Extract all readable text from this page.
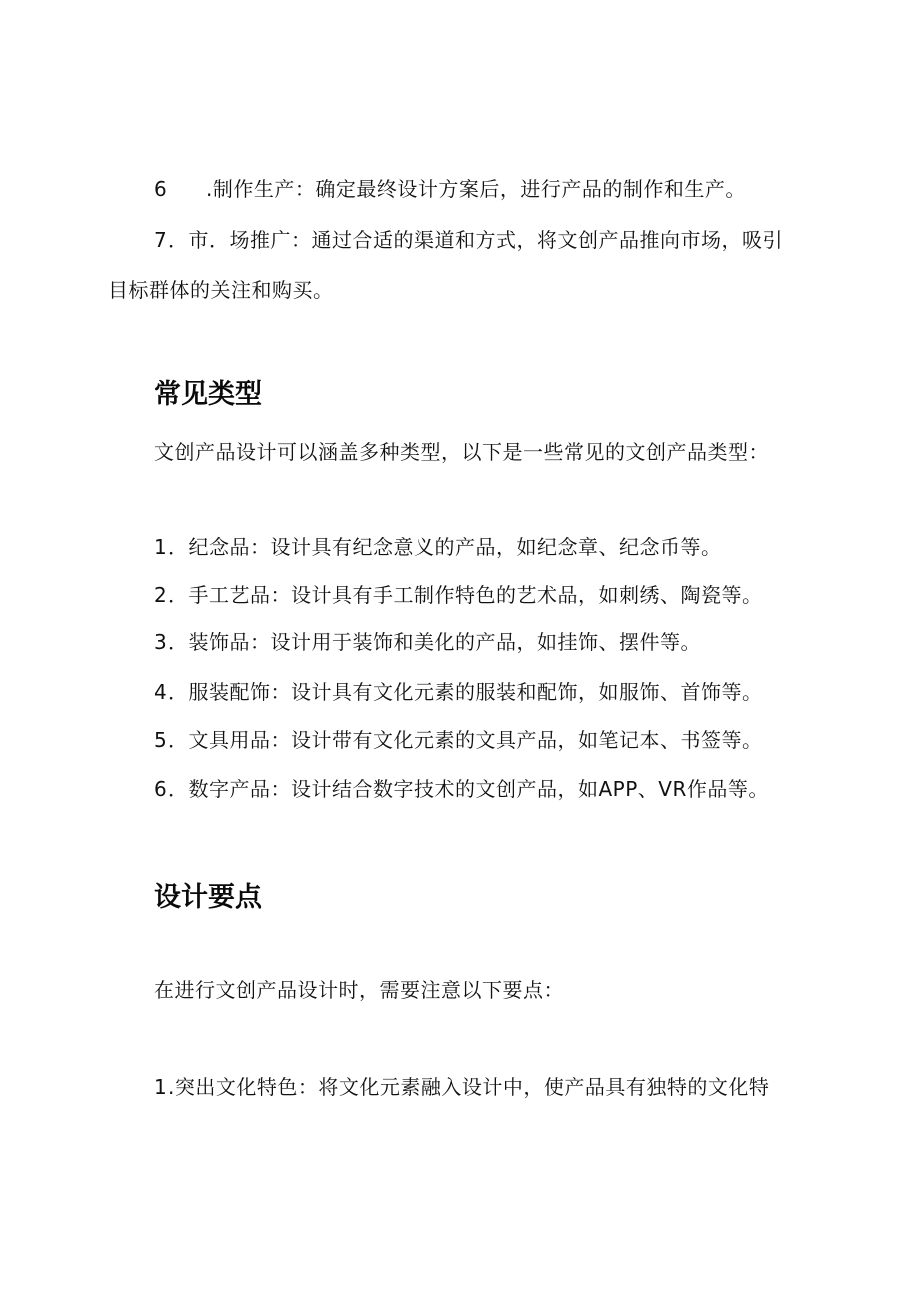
6 .制作生产：确定最终设计方案后，进行产品的制作和生产。
7．市．场推广：通过合适的渠道和方式，将文创产品推向市场，吸引
目标群体的关注和购买。
常见类型
文创产品设计可以涵盖多种类型，以下是一些常见的文创产品类型：
1．纪念品：设计具有纪念意义的产品，如纪念章、纪念币等。
2．手工艺品：设计具有手工制作特色的艺术品，如刺绣、陶瓷等。
3．装饰品：设计用于装饰和美化的产品，如挂饰、摆件等。
4．服装配饰：设计具有文化元素的服装和配饰，如服饰、首饰等。
5．文具用品：设计带有文化元素的文具产品，如笔记本、书签等。
6．数字产品：设计结合数字技术的文创产品，如APP、VR作品等。
设计要点
在进行文创产品设计时，需要注意以下要点：
1.突出文化特色：将文化元素融入设计中，使产品具有独特的文化特
